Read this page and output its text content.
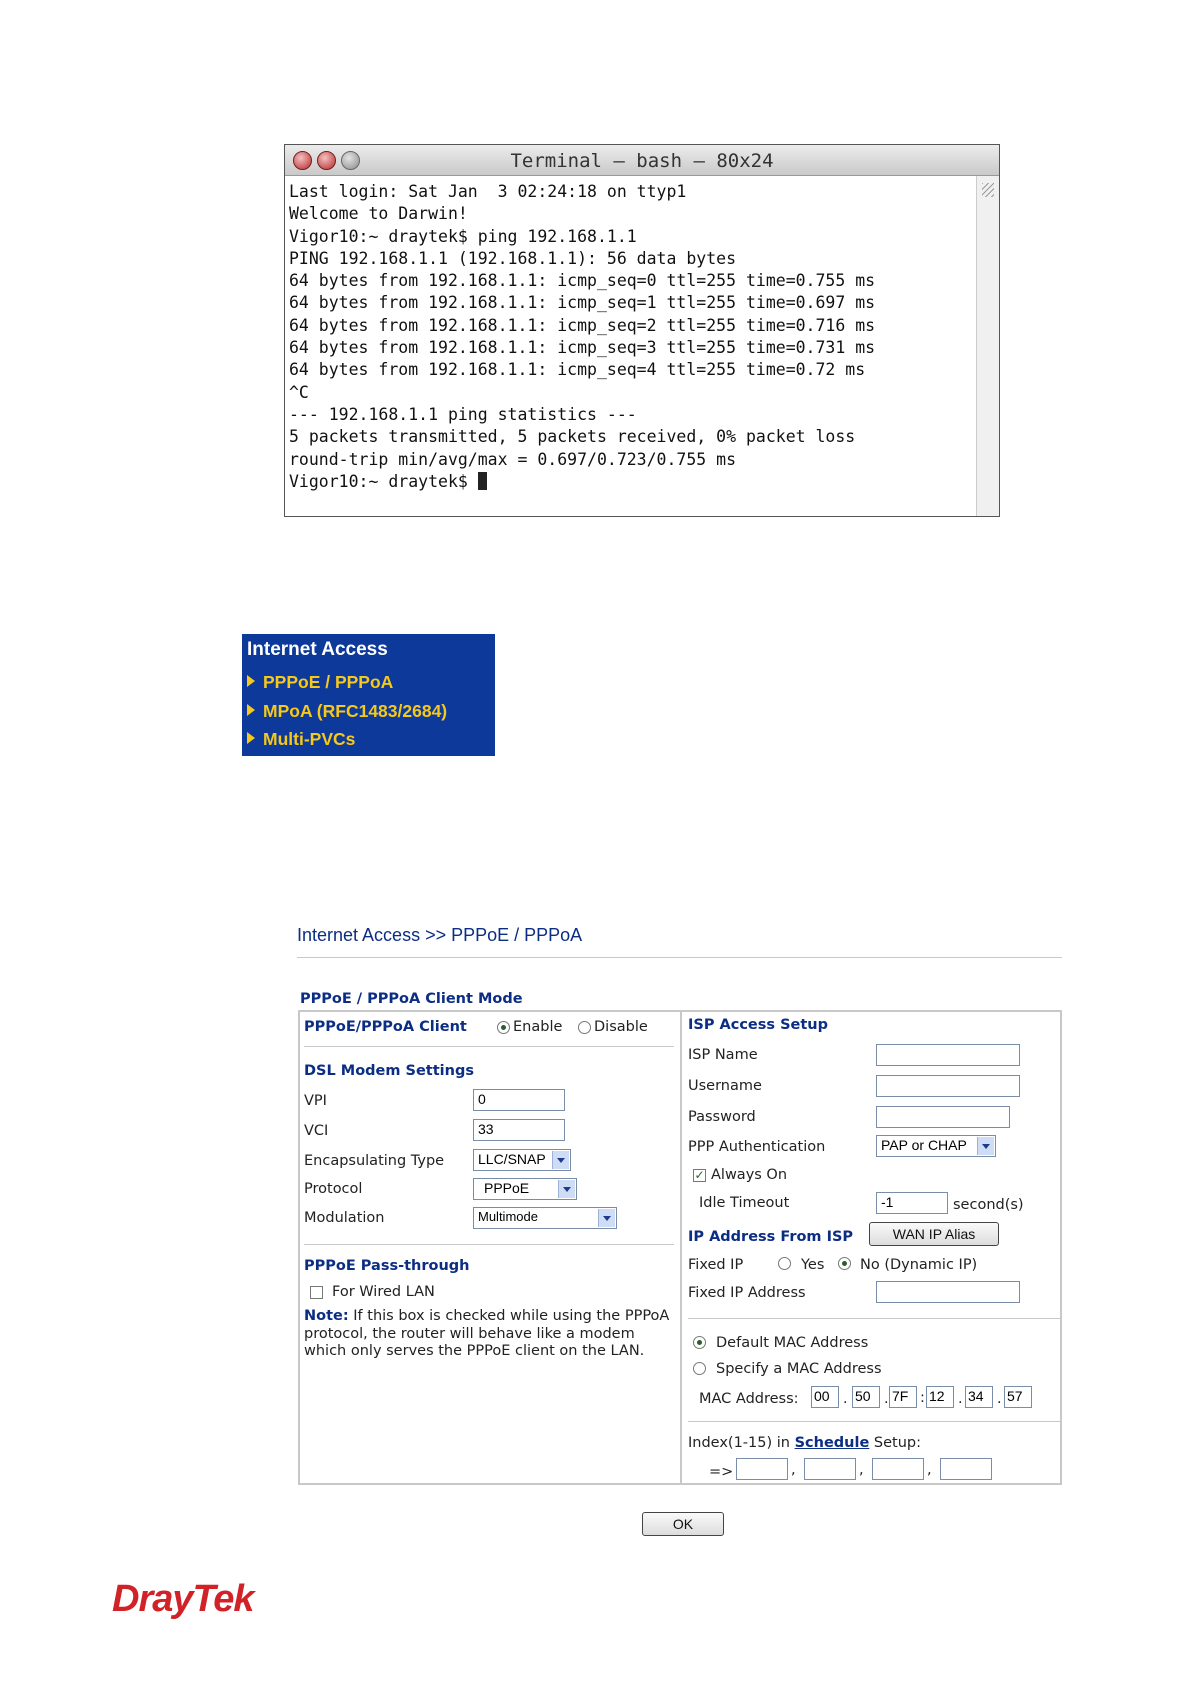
Terminal — bash — 80x24
Last login: Sat Jan  3 02:24:18 on ttyp1
Welcome to Darwin!
Vigor10:~ draytek$ ping 192.168.1.1
PING 192.168.1.1 (192.168.1.1): 56 data bytes
64 bytes from 192.168.1.1: icmp_seq=0 ttl=255 time=0.755 ms
64 bytes from 192.168.1.1: icmp_seq=1 ttl=255 time=0.697 ms
64 bytes from 192.168.1.1: icmp_seq=2 ttl=255 time=0.716 ms
64 bytes from 192.168.1.1: icmp_seq=3 ttl=255 time=0.731 ms
64 bytes from 192.168.1.1: icmp_seq=4 ttl=255 time=0.72 ms
^C
--- 192.168.1.1 ping statistics ---
5 packets transmitted, 5 packets received, 0% packet loss
round-trip min/avg/max = 0.697/0.723/0.755 ms
Vigor10:~ draytek$
Internet Access
PPPoE / PPPoA
MPoA (RFC1483/2684)
Multi-PVCs
Internet Access >> PPPoE / PPPoA
PPPoE / PPPoA Client Mode
PPPoE/PPPoA Client	Enable Disable
DSL Modem Settings
VPI	0
VCI	33
Encapsulating Type	LLC/SNAP
Protocol	PPPoE
Modulation	Multimode
PPPoE Pass-through
For Wired LAN
Note: If this box is checked while using the PPPoA
protocol, the router will behave like a modem
which only serves the PPPoE client on the LAN.
ISP Access Setup
ISP Name
Username
Password
PPP Authentication	PAP or CHAP
✓ Always On
Idle Timeout	-1	second(s)
IP Address From ISP	WAN IP Alias
Fixed IP	Yes No (Dynamic IP)
Fixed IP Address
Default MAC Address
Specify a MAC Address
MAC Address: 00 . 50 . 7F : 12 . 34 . 57
Index(1-15) in Schedule Setup:
=>	,	,	,
OK
DrayTek
